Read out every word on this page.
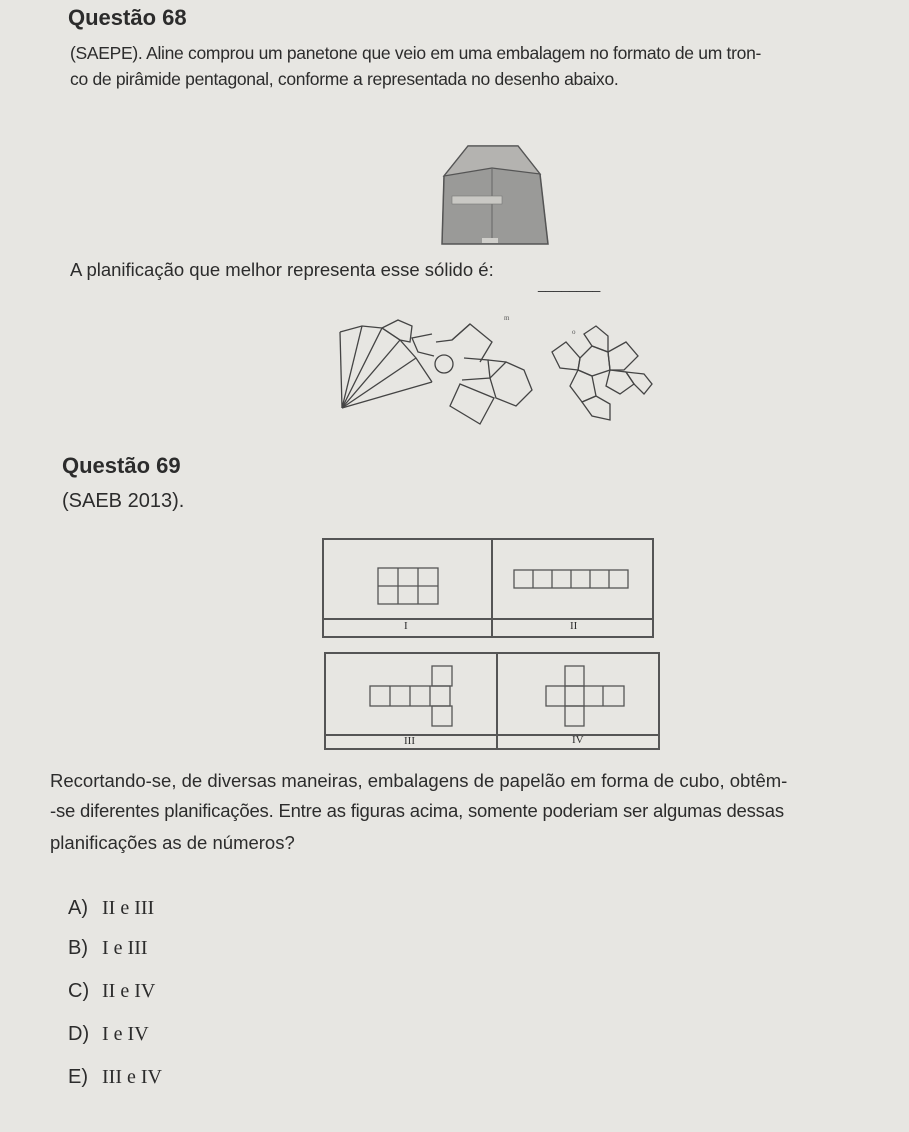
Questão 68
(SAEPE). Aline comprou um panetone que veio em uma embalagem no formato de um tron-
co de pirâmide pentagonal, conforme a representada no desenho abaixo.
A planificação que melhor representa esse sólido é:
________
m
o
Questão 69
(SAEB 2013).
I	II
III	IV
Recortando-se, de diversas maneiras, embalagens de papelão em forma de cubo, obtêm-
-se diferentes planificações. Entre as figuras acima, somente poderiam ser algumas dessas
planificações as de números?
A) II e III
B) I e III
C) II e IV
D) I e IV
E) III e IV
